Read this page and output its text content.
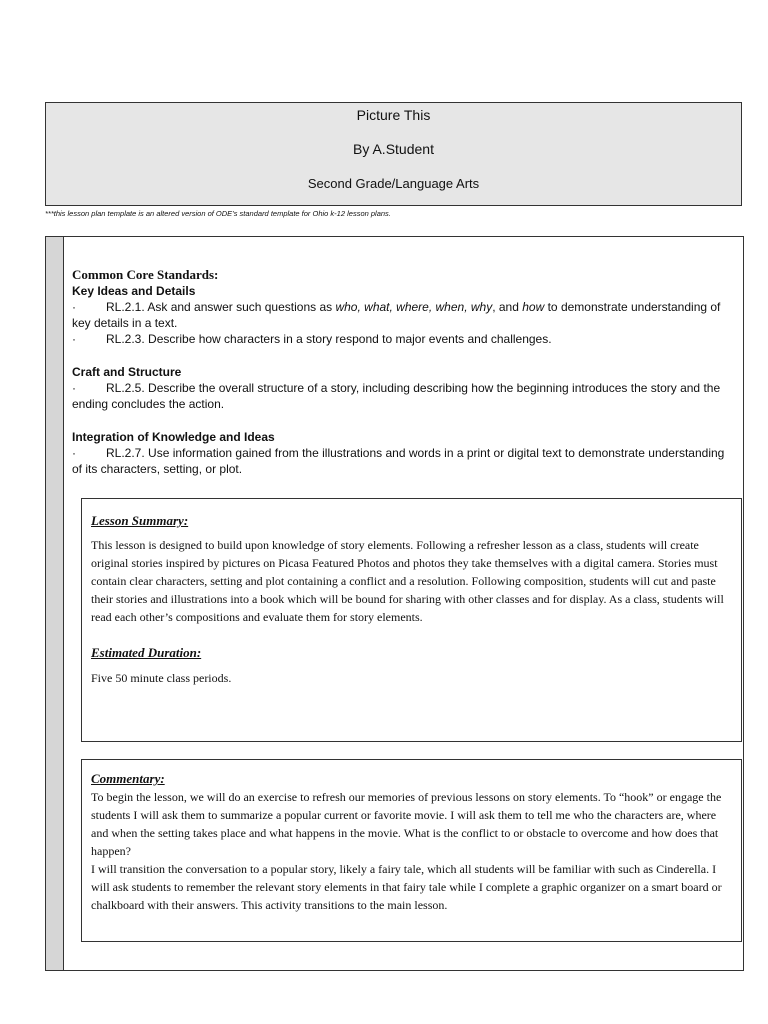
Picture This
By A.Student
Second Grade/Language Arts
***this lesson plan template is an altered version of ODE’s standard template for Ohio k-12 lesson plans.
Common Core Standards:
Key Ideas and Details
·	RL.2.1. Ask and answer such questions as who, what, where, when, why, and how to demonstrate understanding of key details in a text.
·	RL.2.3. Describe how characters in a story respond to major events and challenges.
Craft and Structure
·	RL.2.5. Describe the overall structure of a story, including describing how the beginning introduces the story and the ending concludes the action.
Integration of Knowledge and Ideas
·	RL.2.7. Use information gained from the illustrations and words in a print or digital text to demonstrate understanding of its characters, setting, or plot.
Lesson Summary:
This lesson is designed to build upon knowledge of story elements. Following a refresher lesson as a class, students will create original stories inspired by pictures on Picasa Featured Photos and photos they take themselves with a digital camera. Stories must contain clear characters, setting and plot containing a conflict and a resolution. Following composition, students will cut and paste their stories and illustrations into a book which will be bound for sharing with other classes and for display. As a class, students will read each other’s compositions and evaluate them for story elements.
Estimated Duration:
Five 50 minute class periods.
Commentary:
To begin the lesson, we will do an exercise to refresh our memories of previous lessons on story elements. To “hook” or engage the students I will ask them to summarize a popular current or favorite movie. I will ask them to tell me who the characters are, where and when the setting takes place and what happens in the movie. What is the conflict to or obstacle to overcome and how does that happen?
I will transition the conversation to a popular story, likely a fairy tale, which all students will be familiar with such as Cinderella. I will ask students to remember the relevant story elements in that fairy tale while I complete a graphic organizer on a smart board or chalkboard with their answers. This activity transitions to the main lesson.
